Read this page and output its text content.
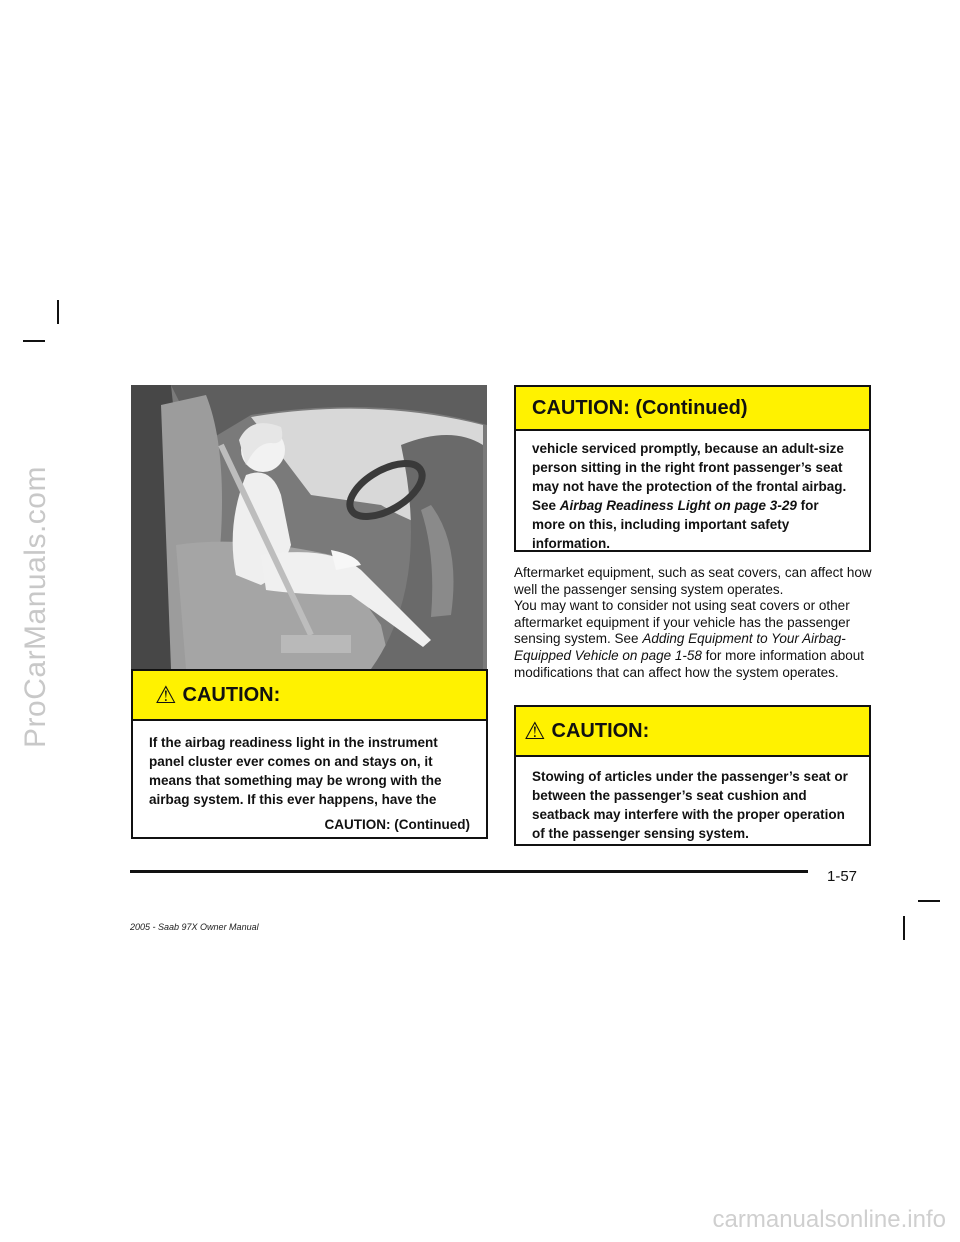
ProCarManuals.com
carmanualsonline.info
⚠ CAUTION:
If the airbag readiness light in the instrument panel cluster ever comes on and stays on, it means that something may be wrong with the airbag system. If this ever happens, have the
CAUTION: (Continued)
CAUTION: (Continued)
vehicle serviced promptly, because an adult-size person sitting in the right front passenger’s seat may not have the protection of the frontal airbag. See Airbag Readiness Light on page 3-29 for more on this, including important safety information.
Aftermarket equipment, such as seat covers, can affect how well the passenger sensing system operates.
You may want to consider not using seat covers or other aftermarket equipment if your vehicle has the passenger sensing system. See Adding Equipment to Your Airbag-Equipped Vehicle on page 1-58 for more information about modifications that can affect how the system operates.
⚠ CAUTION:
Stowing of articles under the passenger’s seat or between the passenger’s seat cushion and seatback may interfere with the proper operation of the passenger sensing system.
1-57
2005 - Saab 97X Owner Manual
